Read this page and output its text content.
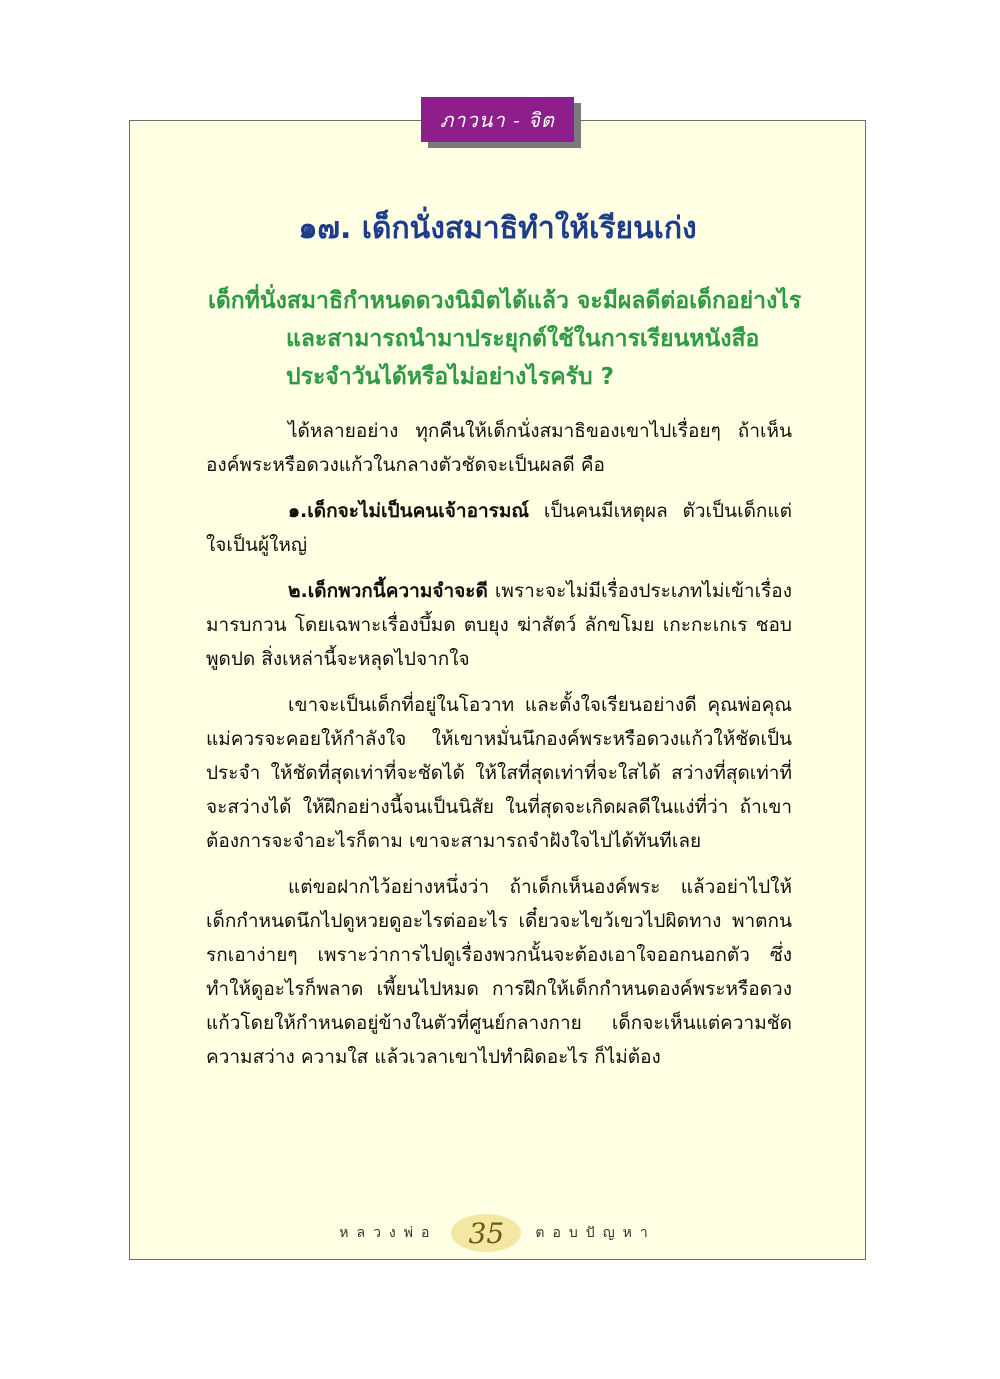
ภาวนา - จิต
๑๗. เด็กนั่งสมาธิทำให้เรียนเก่ง

เด็กที่นั่งสมาธิกำหนดดวงนิมิตได้แล้ว จะมีผลดีต่อเด็กอย่างไร และสามารถนำมาประยุกต์ใช้ในการเรียนหนังสือประจำวันได้หรือไม่อย่างไรครับ ?

ได้หลายอย่าง ทุกคืนให้เด็กนั่งสมาธิของเขาไปเรื่อยๆ ถ้าเห็นองค์พระหรือดวงแก้วในกลางตัวชัดจะเป็นผลดี คือ

๑.เด็กจะไม่เป็นคนเจ้าอารมณ์ เป็นคนมีเหตุผล ตัวเป็นเด็กแต่ใจเป็นผู้ใหญ่

๒.เด็กพวกนี้ความจำจะดี เพราะจะไม่มีเรื่องประเภทไม่เข้าเรื่องมารบกวน โดยเฉพาะเรื่องบึ้มด ตบยุง ฆ่าสัตว์ ลักขโมย เกะกะเกเร ชอบพูดปด สิ่งเหล่านี้จะหลุดไปจากใจ

เขาจะเป็นเด็กที่อยู่ในโอวาท และตั้งใจเรียนอย่างดี คุณพ่อคุณแม่ควรจะคอยให้กำลังใจ ให้เขาหมั่นนึกองค์พระหรือดวงแก้วให้ชัดเป็นประจำ ให้ชัดที่สุดเท่าที่จะชัดได้ ให้ใสที่สุดเท่าที่จะใสได้ สว่างที่สุดเท่าที่จะสว่างได้ ให้ฝึกอย่างนี้จนเป็นนิสัย ในที่สุดจะเกิดผลดีในแง่ที่ว่า ถ้าเขาต้องการจะจำอะไรก็ตาม เขาจะสามารถจำฝังใจไปได้ทันทีเลย

แต่ขอฝากไว้อย่างหนึ่งว่า ถ้าเด็กเห็นองค์พระ แล้วอย่าไปให้เด็กกำหนดนึกไปดูหวยดูอะไรต่ออะไร เดี๋ยวจะไขว้เขวไปผิดทาง พาตกนรกเอาง่ายๆ เพราะว่าการไปดูเรื่องพวกนั้นจะต้องเอาใจออกนอกตัว ซึ่งทำให้ดูอะไรก็พลาด เพี้ยนไปหมด การฝึกให้เด็กกำหนดองค์พระหรือดวงแก้วโดยให้กำหนดอยู่ข้างในตัวที่ศูนย์กลางกาย เด็กจะเห็นแต่ความชัด ความสว่าง ความใส แล้วเวลาเขาไปทำผิดอะไร ก็ไม่ต้อง

หลวงพ่อ	35	ตอบปัญหา
